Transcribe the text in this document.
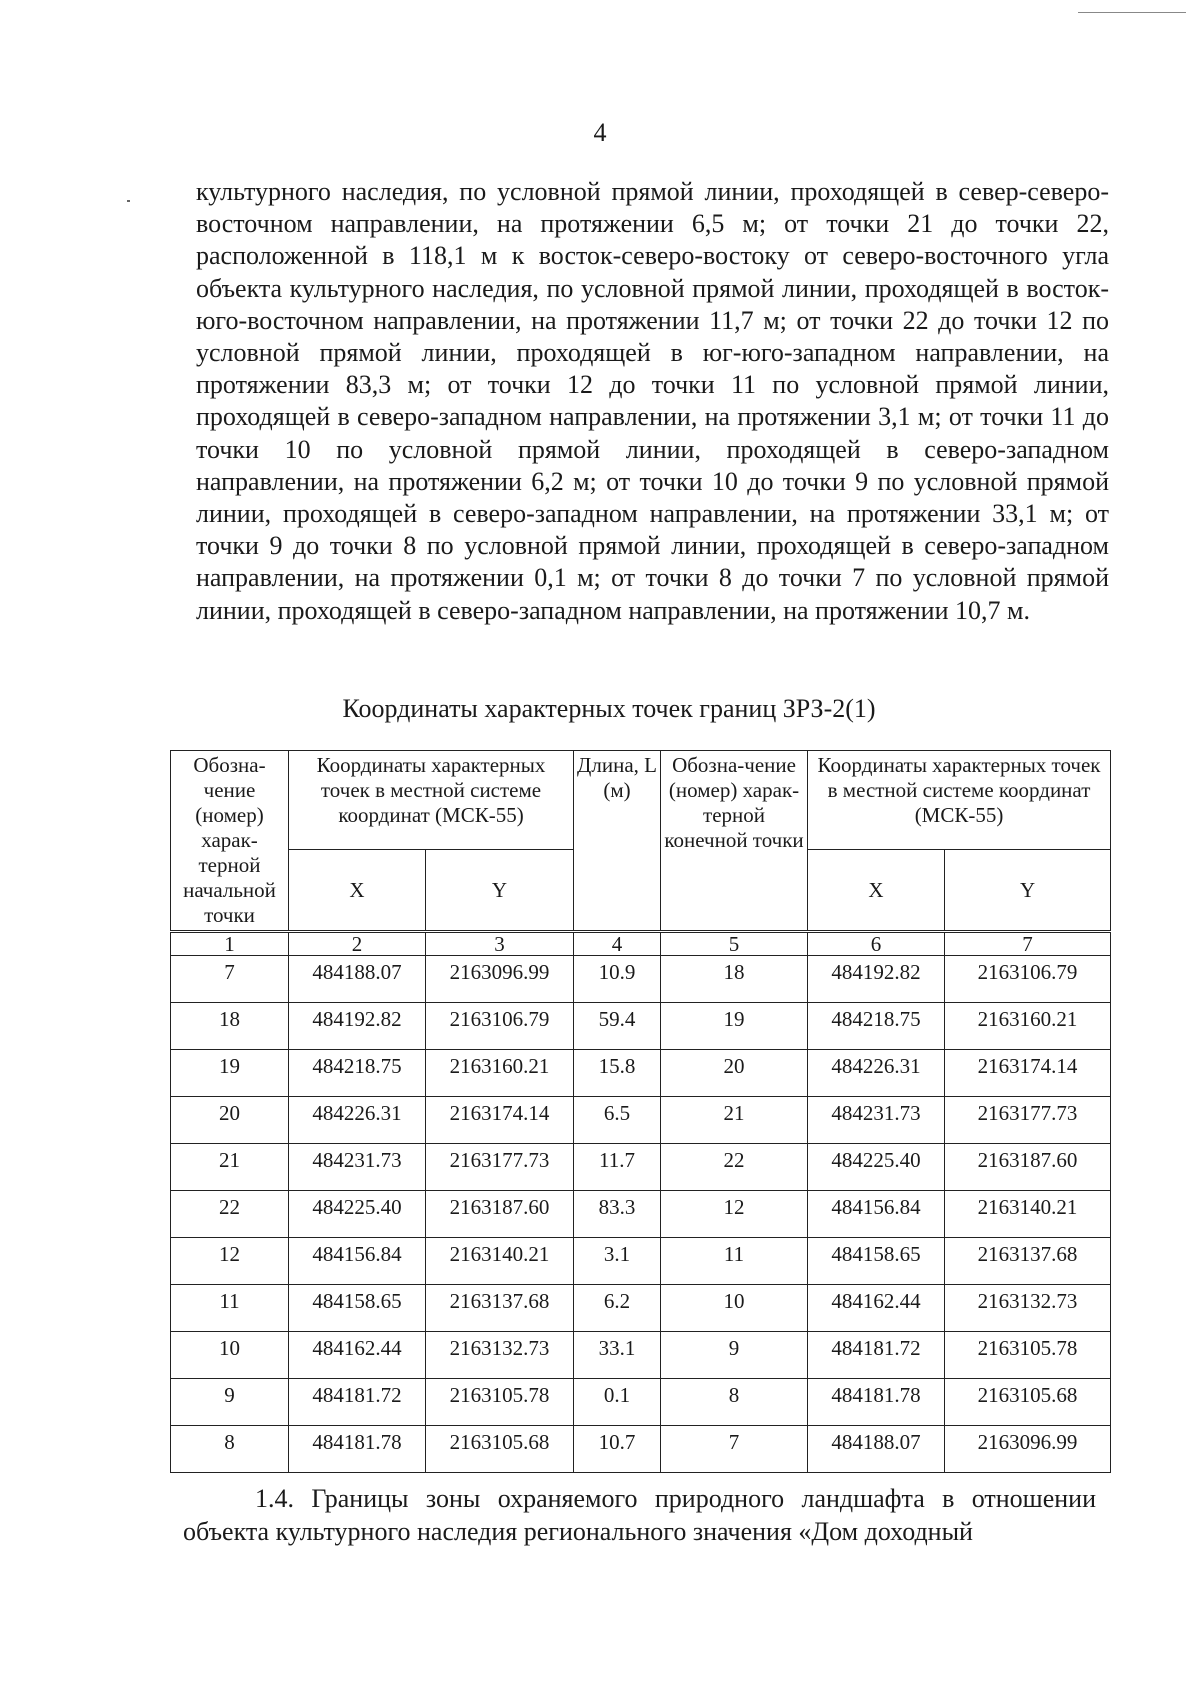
4

культурного наследия, по условной прямой линии, проходящей в север-северо-восточном направлении, на протяжении 6,5 м; от точки 21 до точки 22, расположенной в 118,1 м к восток-северо-востоку от северо-восточного угла объекта культурного наследия, по условной прямой линии, проходящей в восток-юго-восточном направлении, на протяжении 11,7 м; от точки 22 до точки 12 по условной прямой линии, проходящей в юг-юго-западном направлении, на протяжении 83,3 м; от точки 12 до точки 11 по условной прямой линии, проходящей в северо-западном направлении, на протяжении 3,1 м; от точки 11 до точки 10 по условной прямой линии, проходящей в северо-западном направлении, на протяжении 6,2 м; от точки 10 до точки 9 по условной прямой линии, проходящей в северо-западном направлении, на протяжении 33,1 м; от точки 9 до точки 8 по условной прямой линии, проходящей в северо-западном направлении, на протяжении 0,1 м; от точки 8 до точки 7 по условной прямой линии, проходящей в северо-западном направлении, на протяжении 10,7 м.

Координаты характерных точек границ ЗРЗ-2(1)
Обозна-чение (номер) харак-терной начальной точки	Координаты характерных точек в местной системе координат (МСК-55)		Длина, L (м)	Обозна-чение (номер) харак-терной конечной точки	Координаты характерных точек в местной системе координат (МСК-55)	
	X	Y			X	Y
1	2	3	4	5	6	7
7	484188.07	2163096.99	10.9	18	484192.82	2163106.79
18	484192.82	2163106.79	59.4	19	484218.75	2163160.21
19	484218.75	2163160.21	15.8	20	484226.31	2163174.14
20	484226.31	2163174.14	6.5	21	484231.73	2163177.73
21	484231.73	2163177.73	11.7	22	484225.40	2163187.60
22	484225.40	2163187.60	83.3	12	484156.84	2163140.21
12	484156.84	2163140.21	3.1	11	484158.65	2163137.68
11	484158.65	2163137.68	6.2	10	484162.44	2163132.73
10	484162.44	2163132.73	33.1	9	484181.72	2163105.78
9	484181.72	2163105.78	0.1	8	484181.78	2163105.68
8	484181.78	2163105.68	10.7	7	484188.07	2163096.99

1.4. Границы зоны охраняемого природного ландшафта в отношении объекта культурного наследия регионального значения «Дом доходный
